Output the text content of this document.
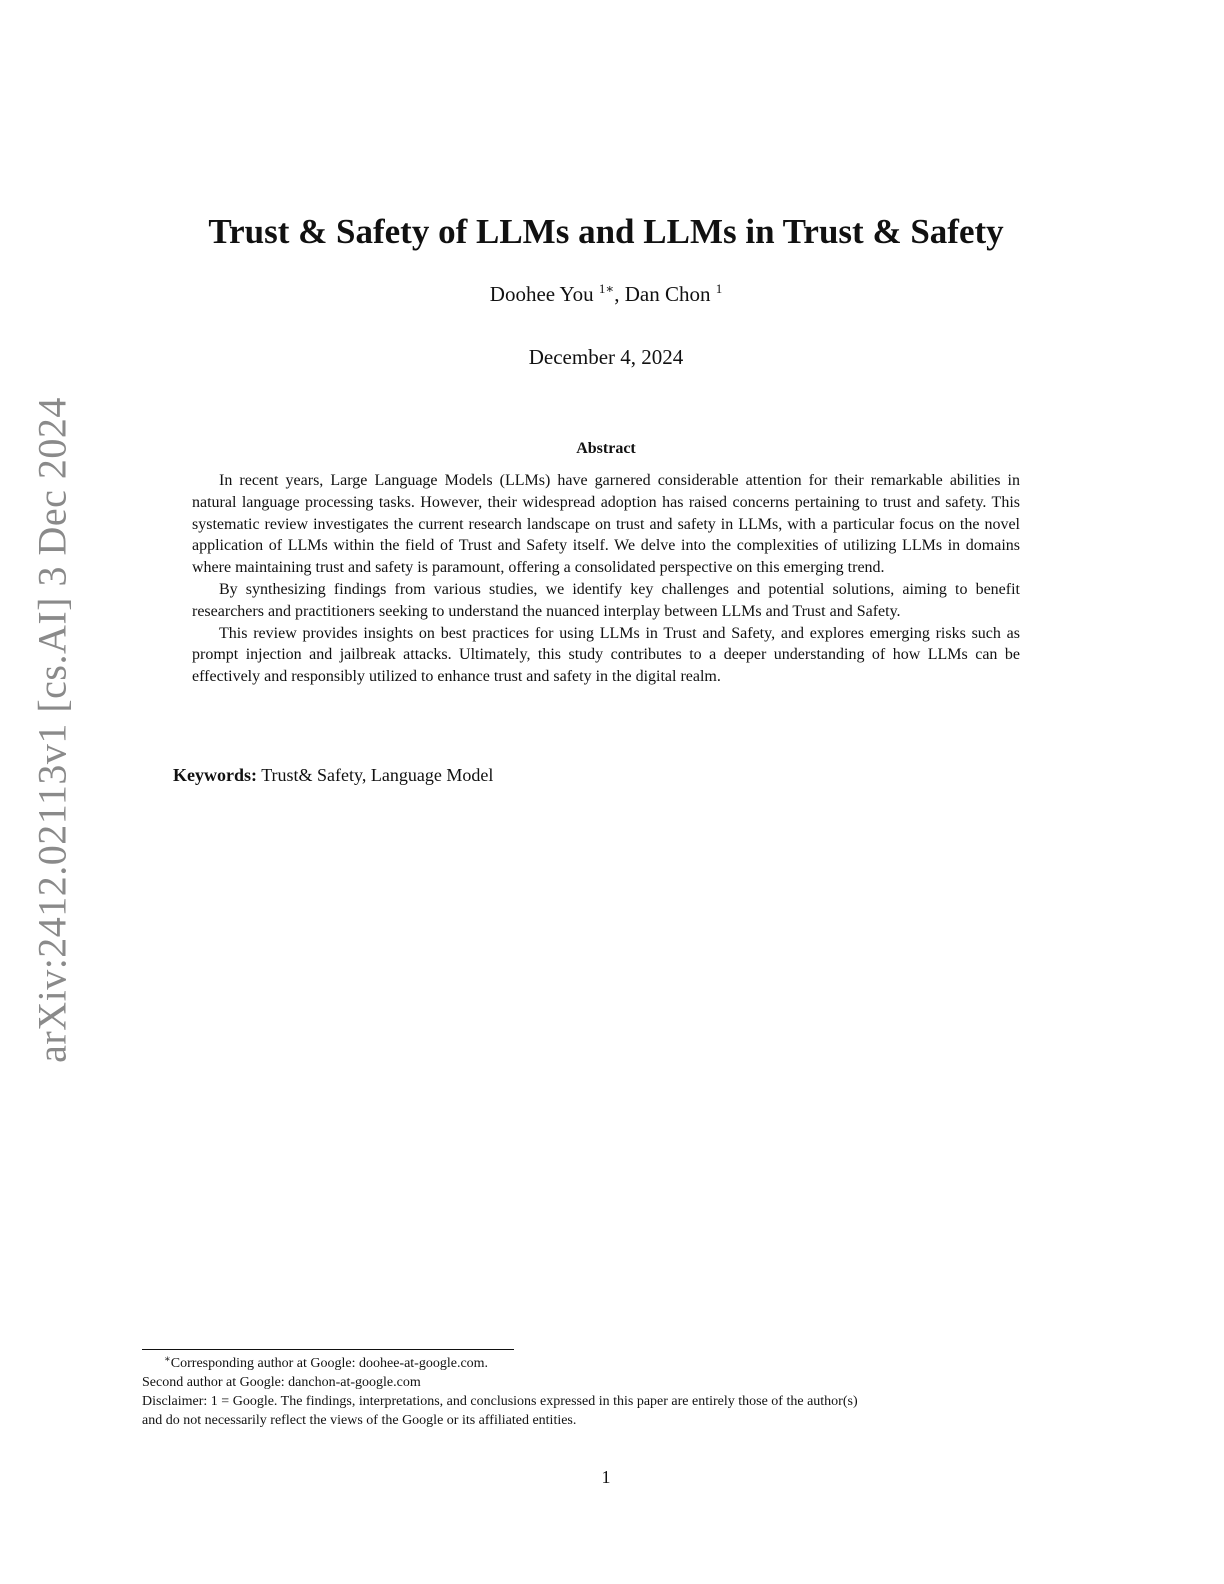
arXiv:2412.02113v1 [cs.AI] 3 Dec 2024
Trust & Safety of LLMs and LLMs in Trust & Safety
Doohee You $^{1∗}$, Dan Chon $^1$
December 4, 2024
Abstract

In recent years, Large Language Models (LLMs) have garnered considerable attention for their remarkable abilities in natural language processing tasks. However, their widespread adoption has raised concerns pertaining to trust and safety. This systematic review investigates the current research landscape on trust and safety in LLMs, with a particular focus on the novel application of LLMs within the field of Trust and Safety itself. We delve into the complexities of utilizing LLMs in domains where maintaining trust and safety is paramount, offering a consolidated perspective on this emerging trend.

By synthesizing findings from various studies, we identify key challenges and potential solutions, aiming to benefit researchers and practitioners seeking to understand the nuanced interplay between LLMs and Trust and Safety.

This review provides insights on best practices for using LLMs in Trust and Safety, and explores emerging risks such as prompt injection and jailbreak attacks. Ultimately, this study contributes to a deeper understanding of how LLMs can be effectively and responsibly utilized to enhance trust and safety in the digital realm.

Keywords: Trust& Safety, Language Model
∗Corresponding author at Google: doohee-at-google.com.
Second author at Google: danchon-at-google.com
Disclaimer: 1 = Google. The findings, interpretations, and conclusions expressed in this paper are entirely those of the author(s)
and do not necessarily reflect the views of the Google or its affiliated entities.
1
